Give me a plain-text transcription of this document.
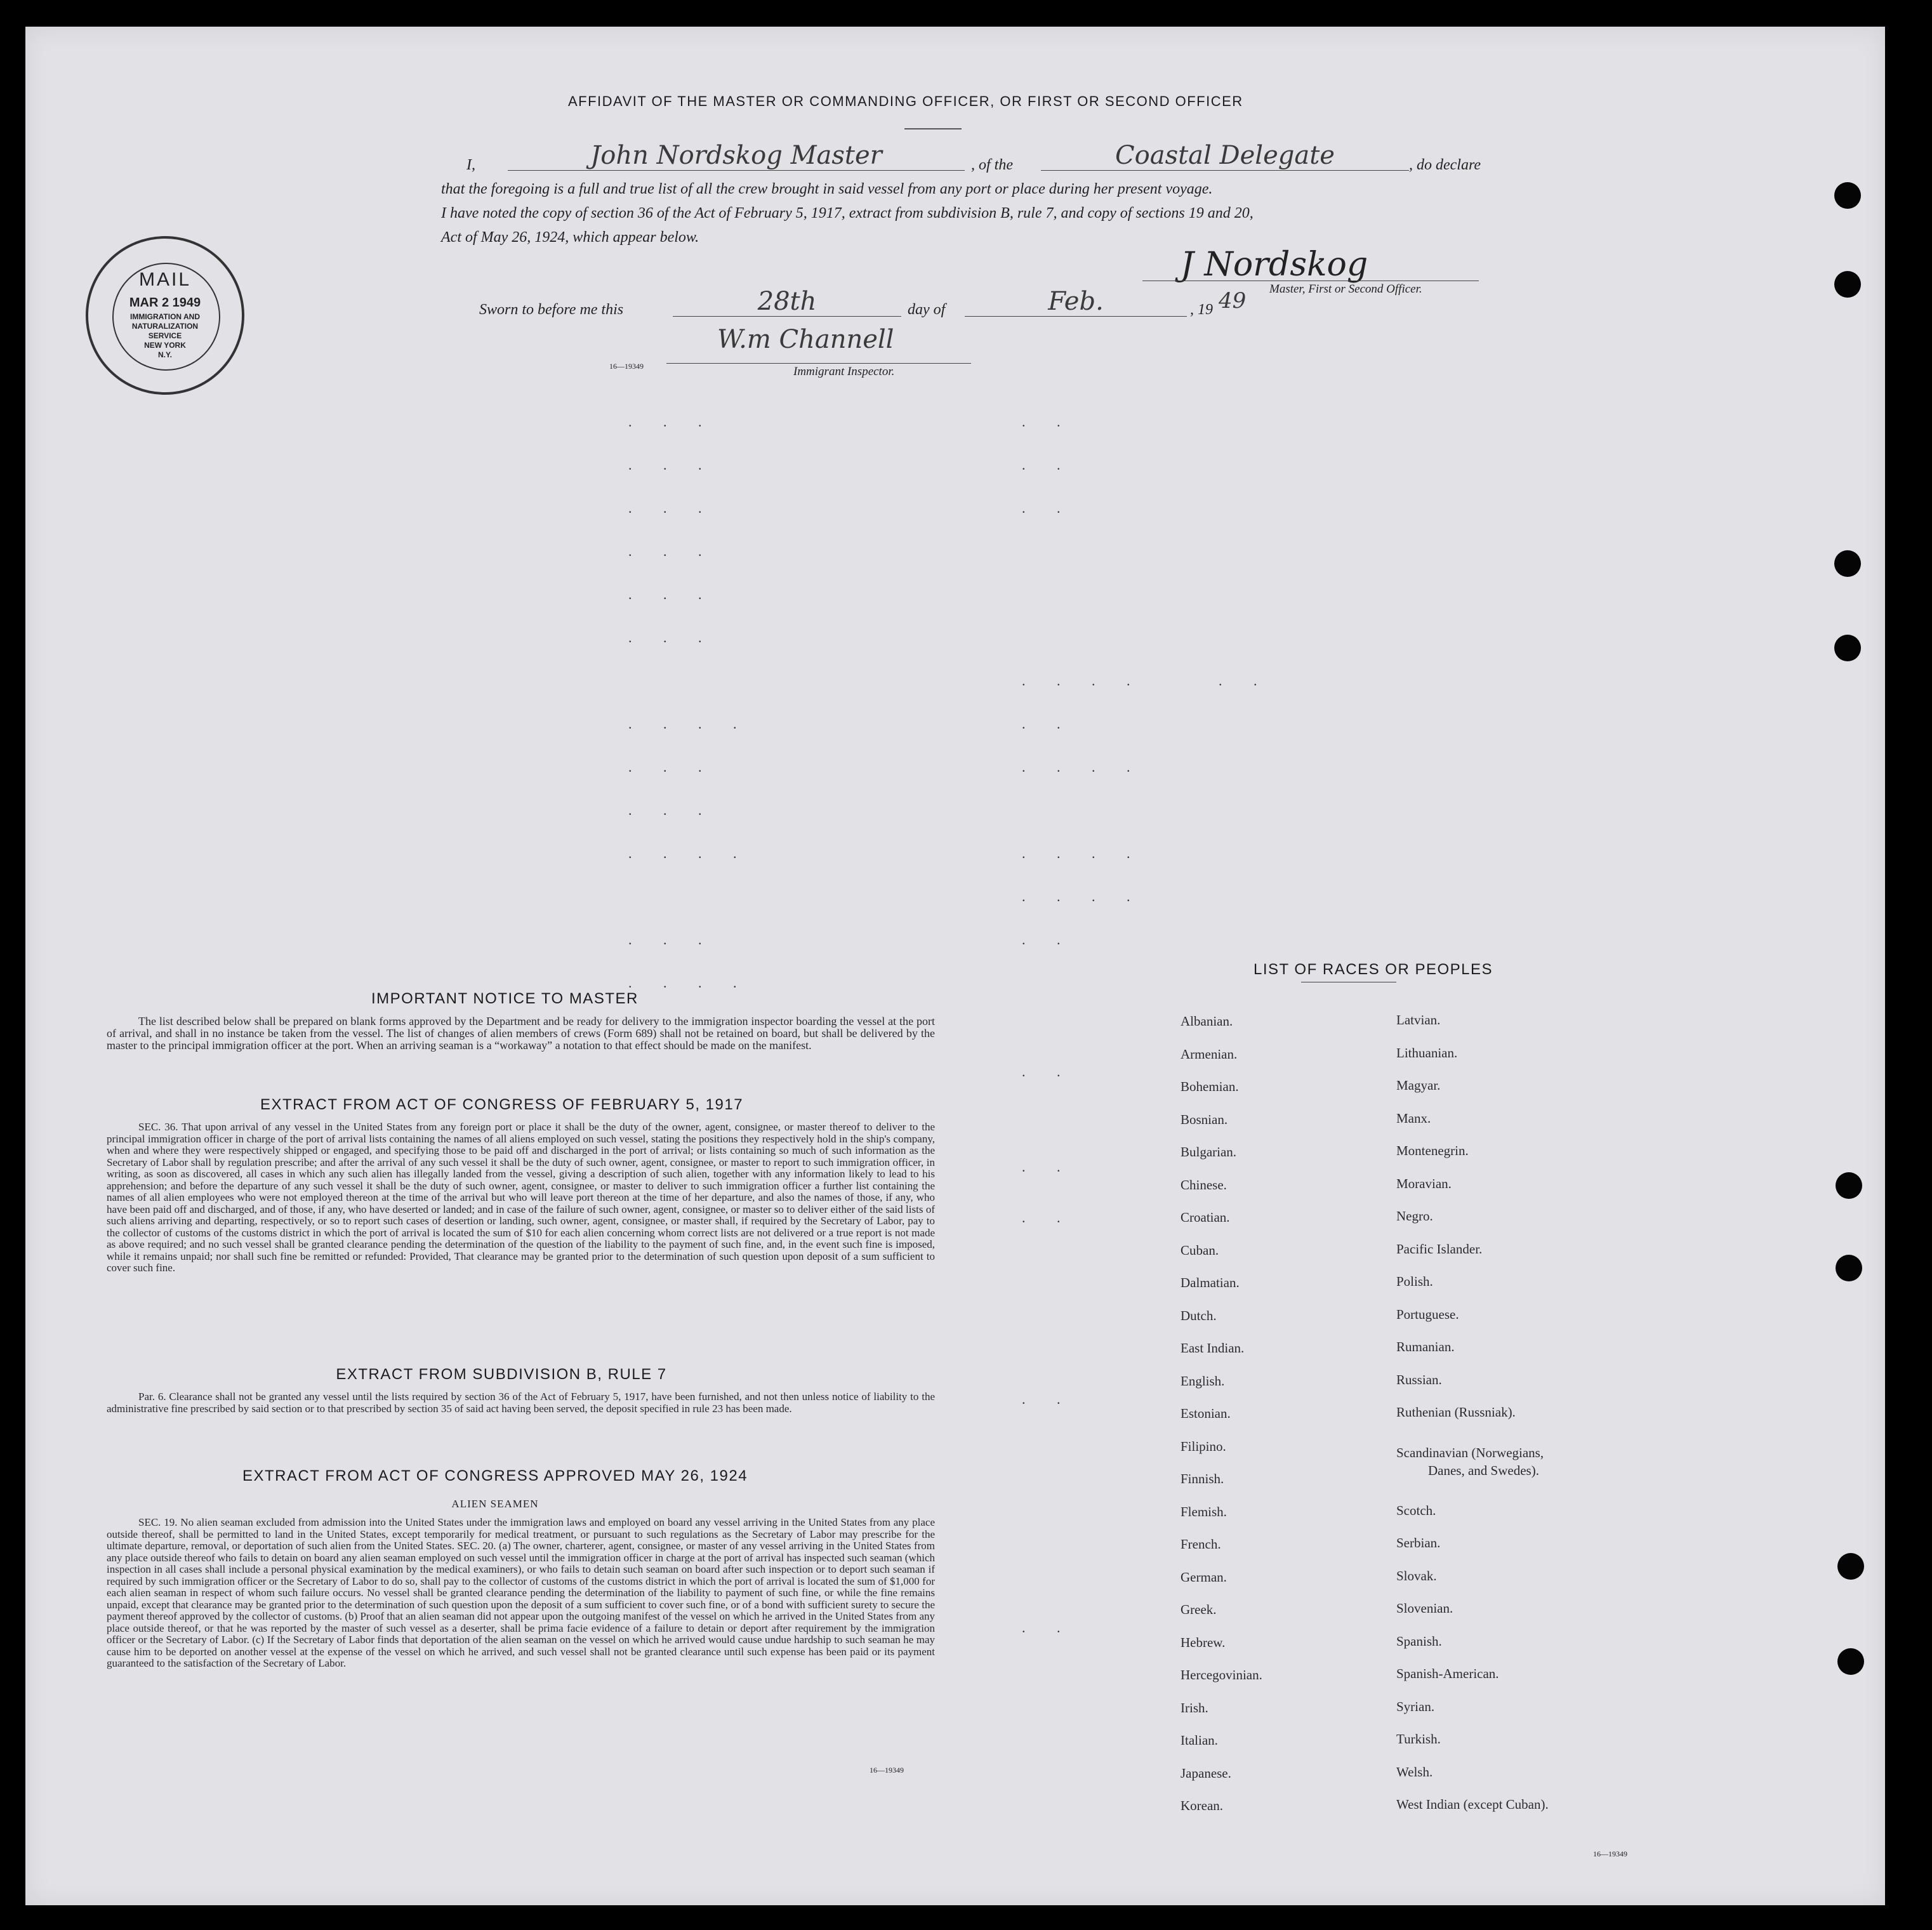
AFFIDAVIT OF THE MASTER OR COMMANDING OFFICER, OR FIRST OR SECOND OFFICER
I,	John Nordskog Master	, of the	Coastal Delegate	, do declare
that the foregoing is a full and true list of all the crew brought in said vessel from any port or place during her present voyage.
I have noted the copy of section 36 of the Act of February 5, 1917, extract from subdivision B, rule 7, and copy of sections 19 and 20,
Act of May 26, 1924, which appear below.
J Nordskog
Master, First or Second Officer.
Sworn to before me this	28th	day of	Feb.	, 19 49
W.m Channell
16—19349	Immigrant Inspector.
MAIL
MAR 2 1949
IMMIGRATION AND
NATURALIZATION
SERVICE
NEW YORK
N.Y.
. . .	. .
. . .	. .
. . .	. .
. . .
. . .
. . .
. . . .	. .
. . . .	. .
. . .	. . . .
. . .
. . . .	. . . .
. . . .
. . .	. .
. . . .
. .
. .
. .
. .
. .
IMPORTANT NOTICE TO MASTER
The list described below shall be prepared on blank forms approved by the Department and be ready for delivery to the immigration inspector boarding the vessel at the port of arrival, and shall in no instance be taken from the vessel. The list of changes of alien members of crews (Form 689) shall not be retained on board, but shall be delivered by the master to the principal immigration officer at the port. When an arriving seaman is a “workaway” a notation to that effect should be made on the manifest.
EXTRACT FROM ACT OF CONGRESS OF FEBRUARY 5, 1917
SEC. 36. That upon arrival of any vessel in the United States from any foreign port or place it shall be the duty of the owner, agent, consignee, or master thereof to deliver to the principal immigration officer in charge of the port of arrival lists containing the names of all aliens employed on such vessel, stating the positions they respectively hold in the ship's company, when and where they were respectively shipped or engaged, and specifying those to be paid off and discharged in the port of arrival; or lists containing so much of such information as the Secretary of Labor shall by regulation prescribe; and after the arrival of any such vessel it shall be the duty of such owner, agent, consignee, or master to report to such immigration officer, in writing, as soon as discovered, all cases in which any such alien has illegally landed from the vessel, giving a description of such alien, together with any information likely to lead to his apprehension; and before the departure of any such vessel it shall be the duty of such owner, agent, consignee, or master to deliver to such immigration officer a further list containing the names of all alien employees who were not employed thereon at the time of the arrival but who will leave port thereon at the time of her departure, and also the names of those, if any, who have been paid off and discharged, and of those, if any, who have deserted or landed; and in case of the failure of such owner, agent, consignee, or master so to deliver either of the said lists of such aliens arriving and departing, respectively, or so to report such cases of desertion or landing, such owner, agent, consignee, or master shall, if required by the Secretary of Labor, pay to the collector of customs of the customs district in which the port of arrival is located the sum of $10 for each alien concerning whom correct lists are not delivered or a true report is not made as above required; and no such vessel shall be granted clearance pending the determination of the question of the liability to the payment of such fine, and, in the event such fine is imposed, while it remains unpaid; nor shall such fine be remitted or refunded: Provided, That clearance may be granted prior to the determination of such question upon deposit of a sum sufficient to cover such fine.
EXTRACT FROM SUBDIVISION B, RULE 7
Par. 6. Clearance shall not be granted any vessel until the lists required by section 36 of the Act of February 5, 1917, have been furnished, and not then unless notice of liability to the administrative fine prescribed by said section or to that prescribed by section 35 of said act having been served, the deposit specified in rule 23 has been made.
EXTRACT FROM ACT OF CONGRESS APPROVED MAY 26, 1924
ALIEN SEAMEN
SEC. 19. No alien seaman excluded from admission into the United States under the immigration laws and employed on board any vessel arriving in the United States from any place outside thereof, shall be permitted to land in the United States, except temporarily for medical treatment, or pursuant to such regulations as the Secretary of Labor may prescribe for the ultimate departure, removal, or deportation of such alien from the United States. SEC. 20. (a) The owner, charterer, agent, consignee, or master of any vessel arriving in the United States from any place outside thereof who fails to detain on board any alien seaman employed on such vessel until the immigration officer in charge at the port of arrival has inspected such seaman (which inspection in all cases shall include a personal physical examination by the medical examiners), or who fails to detain such seaman on board after such inspection or to deport such seaman if required by such immigration officer or the Secretary of Labor to do so, shall pay to the collector of customs of the customs district in which the port of arrival is located the sum of $1,000 for each alien seaman in respect of whom such failure occurs. No vessel shall be granted clearance pending the determination of the liability to payment of such fine, or while the fine remains unpaid, except that clearance may be granted prior to the determination of such question upon the deposit of a sum sufficient to cover such fine, or of a bond with sufficient surety to secure the payment thereof approved by the collector of customs. (b) Proof that an alien seaman did not appear upon the outgoing manifest of the vessel on which he arrived in the United States from any place outside thereof, or that he was reported by the master of such vessel as a deserter, shall be prima facie evidence of a failure to detain or deport after requirement by the immigration officer or the Secretary of Labor. (c) If the Secretary of Labor finds that deportation of the alien seaman on the vessel on which he arrived would cause undue hardship to such seaman he may cause him to be deported on another vessel at the expense of the vessel on which he arrived, and such vessel shall not be granted clearance until such expense has been paid or its payment guaranteed to the satisfaction of the Secretary of Labor.
16—19349
LIST OF RACES OR PEOPLES
Albanian.
Armenian.
Bohemian.
Bosnian.
Bulgarian.
Chinese.
Croatian.
Cuban.
Dalmatian.
Dutch.
East Indian.
English.
Estonian.
Filipino.
Finnish.
Flemish.
French.
German.
Greek.
Hebrew.
Hercegovinian.
Irish.
Italian.
Japanese.
Korean.
Latvian.
Lithuanian.
Magyar.
Manx.
Montenegrin.
Moravian.
Negro.
Pacific Islander.
Polish.
Portuguese.
Rumanian.
Russian.
Ruthenian (Russniak).
Scandinavian (Norwegians,
Danes, and Swedes).
Scotch.
Serbian.
Slovak.
Slovenian.
Spanish.
Spanish-American.
Syrian.
Turkish.
Welsh.
West Indian (except Cuban).
16—19349
